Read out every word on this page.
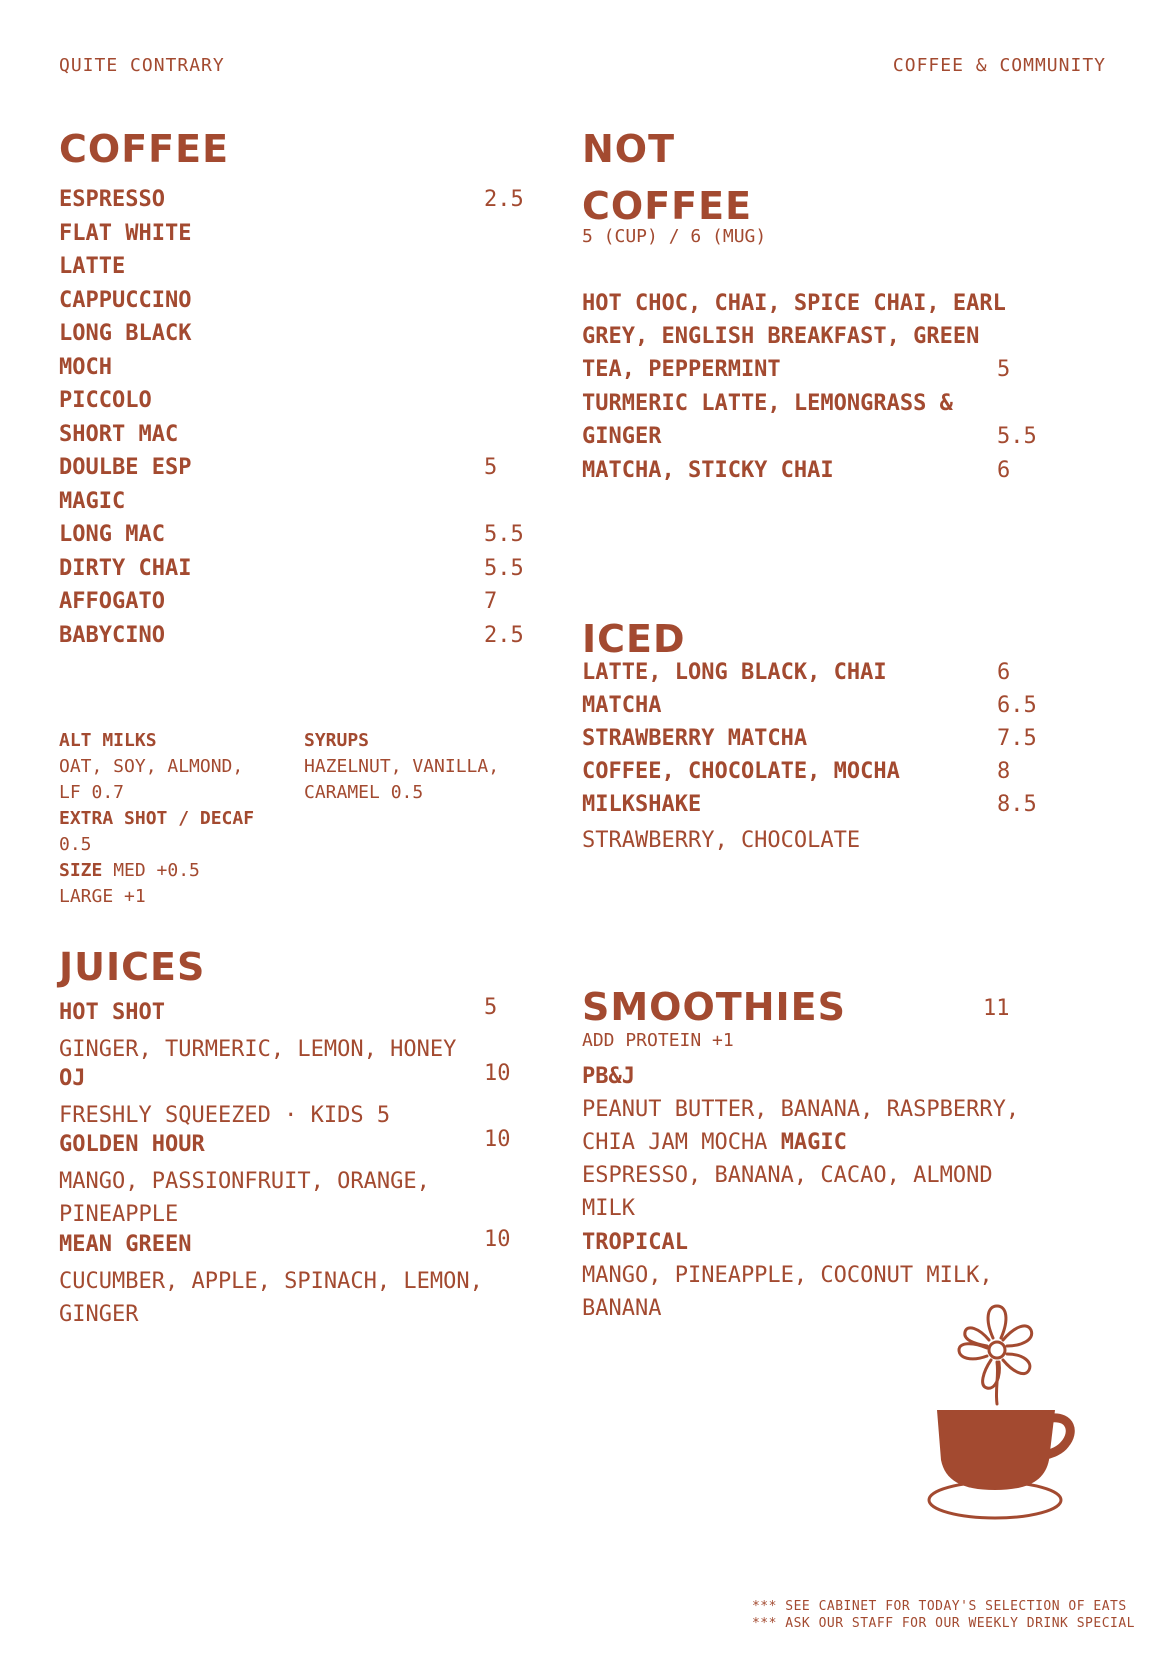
QUITE CONTRARY	COFFEE & COMMUNITY
COFFEE
ESPRESSO	2.5
FLAT WHITE
LATTE
CAPPUCCINO
LONG BLACK
MOCH
PICCOLO
SHORT MAC
DOULBE ESP	5
MAGIC
LONG MAC	5.5
DIRTY CHAI	5.5
AFFOGATO	7
BABYCINO	2.5
ALT MILKS
OAT, SOY, ALMOND, LF 0.7
EXTRA SHOT / DECAF 0.5
SIZE MED +0.5
LARGE +1
SYRUPS
HAZELNUT, VANILLA, CARAMEL 0.5
JUICES
HOT SHOT	5
GINGER, TURMERIC, LEMON, HONEY
OJ	10
FRESHLY SQUEEZED · KIDS 5
GOLDEN HOUR	10
MANGO, PASSIONFRUIT, ORANGE, PINEAPPLE
MEAN GREEN	10
CUCUMBER, APPLE, SPINACH, LEMON, GINGER
NOT
COFFEE
5 (CUP) / 6 (MUG)
HOT CHOC, CHAI, SPICE CHAI, EARL GREY, ENGLISH BREAKFAST, GREEN TEA, PEPPERMINT	5
TURMERIC LATTE, LEMONGRASS & GINGER	5.5
MATCHA, STICKY CHAI	6
ICED
LATTE, LONG BLACK, CHAI	6
MATCHA	6.5
STRAWBERRY MATCHA	7.5
COFFEE, CHOCOLATE, MOCHA	8
MILKSHAKE	8.5
STRAWBERRY, CHOCOLATE
SMOOTHIES	11
ADD PROTEIN +1
PB&J
PEANUT BUTTER, BANANA, RASPBERRY, CHIA JAM MOCHA MAGIC
ESPRESSO, BANANA, CACAO, ALMOND MILK
TROPICAL
MANGO, PINEAPPLE, COCONUT MILK, BANANA
*** SEE CABINET FOR TODAY'S SELECTION OF EATS
*** ASK OUR STAFF FOR OUR WEEKLY DRINK SPECIAL
